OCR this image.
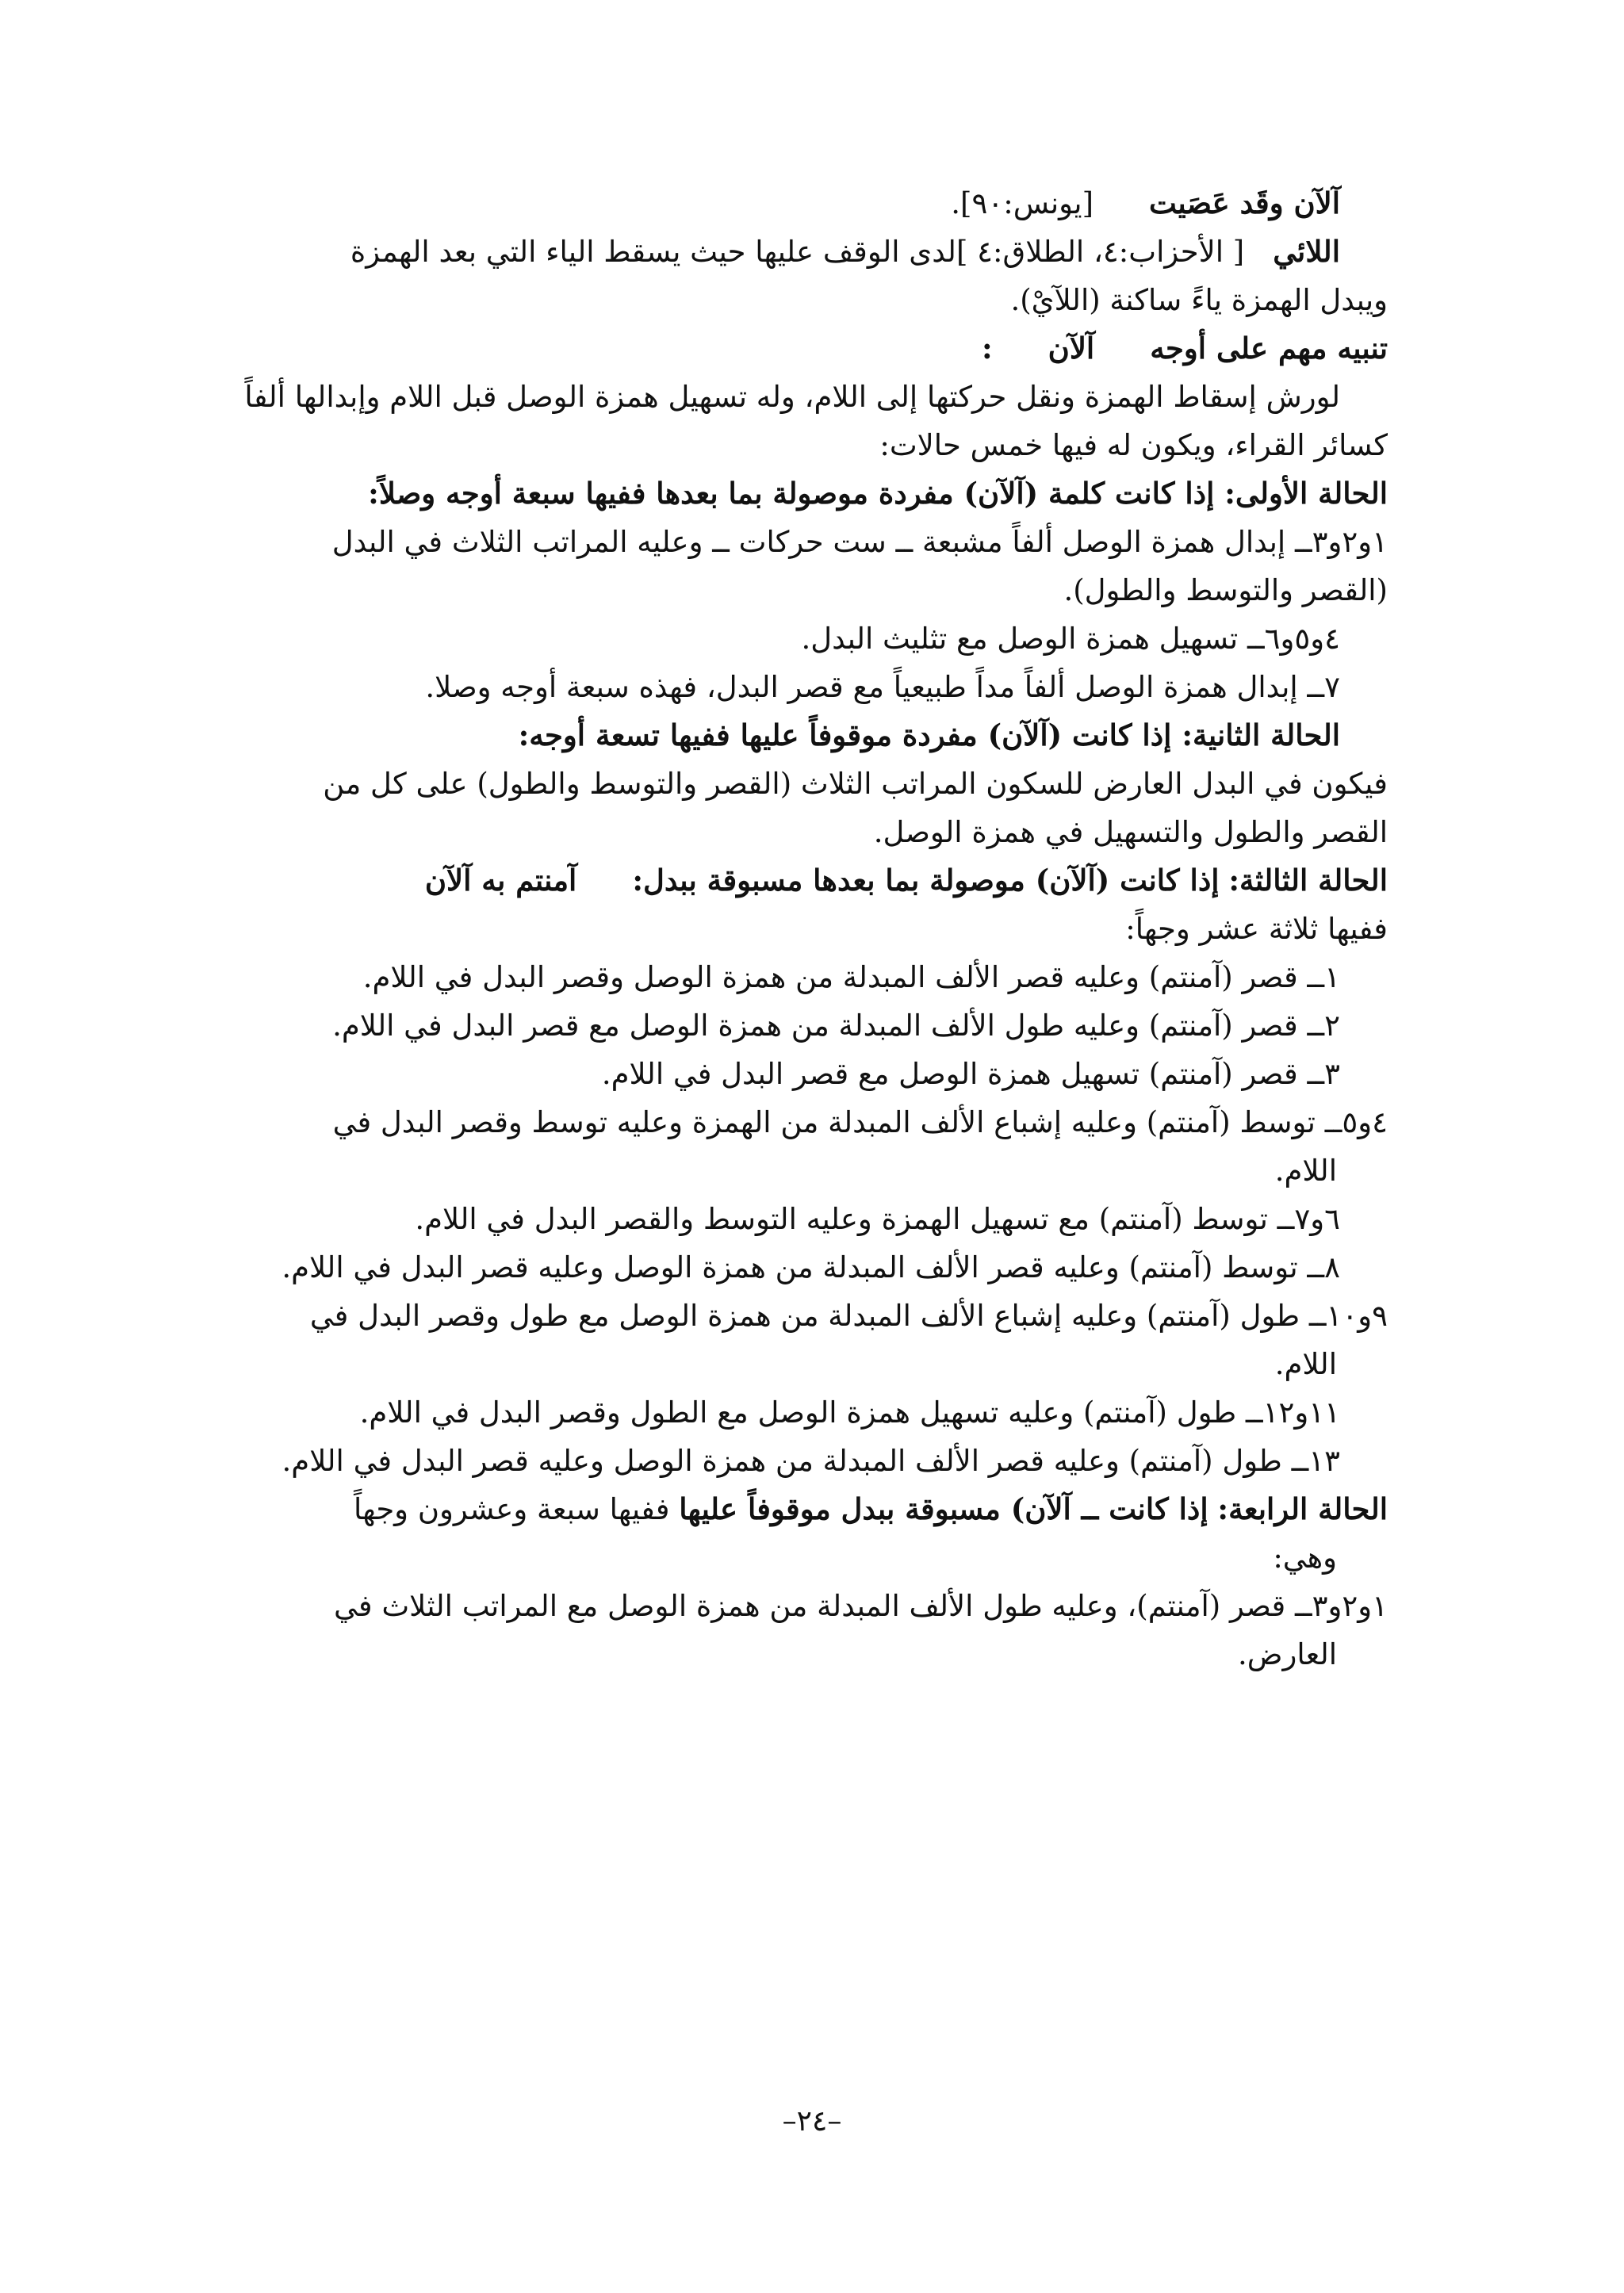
آلآن وقَد عَصَيت[يونس:٩٠].
اللائي[ الأحزاب:٤، الطلاق:٤ ]لدى الوقف عليها حيث يسقط الياء التي بعد الهمزة
ويبدل الهمزة ياءً ساكنة (اللآيْ).
تنبيه مهم على أوجهآلآن:
لورش إسقاط الهمزة ونقل حركتها إلى اللام، وله تسهيل همزة الوصل قبل اللام وإبدالها ألفاً
كسائر القراء، ويكون له فيها خمس حالات:
الحالة الأولى: إذا كانت كلمة (آلآن) مفردة موصولة بما بعدها ففيها سبعة أوجه وصلاً:
١و٢و٣ــ إبدال همزة الوصل ألفاً مشبعة ــ ست حركات ــ وعليه المراتب الثلاث في البدل
(القصر والتوسط والطول).
٤و٥و٦ــ تسهيل همزة الوصل مع تثليث البدل.
٧ــ إبدال همزة الوصل ألفاً مداً طبيعياً مع قصر البدل، فهذه سبعة أوجه وصلا.
الحالة الثانية: إذا كانت (آلآن) مفردة موقوفاً عليها ففيها تسعة أوجه:
فيكون في البدل العارض للسكون المراتب الثلاث (القصر والتوسط والطول) على كل من
القصر والطول والتسهيل في همزة الوصل.
الحالة الثالثة: إذا كانت (آلآن) موصولة بما بعدها مسبوقة ببدل:آمنتم به آلآن
ففيها ثلاثة عشر وجهاً:
١ــ قصر (آمنتم) وعليه قصر الألف المبدلة من همزة الوصل وقصر البدل في اللام.
٢ــ قصر (آمنتم) وعليه طول الألف المبدلة من همزة الوصل مع قصر البدل في اللام.
٣ــ قصر (آمنتم) تسهيل همزة الوصل مع قصر البدل في اللام.
٤و٥ــ توسط (آمنتم) وعليه إشباع الألف المبدلة من الهمزة وعليه توسط وقصر البدل في
اللام.
٦و٧ــ توسط (آمنتم) مع تسهيل الهمزة وعليه التوسط والقصر البدل في اللام.
٨ــ توسط (آمنتم) وعليه قصر الألف المبدلة من همزة الوصل وعليه قصر البدل في اللام.
٩و١٠ــ طول (آمنتم) وعليه إشباع الألف المبدلة من همزة الوصل مع طول وقصر البدل في
اللام.
١١و١٢ــ طول (آمنتم) وعليه تسهيل همزة الوصل مع الطول وقصر البدل في اللام.
١٣ــ طول (آمنتم) وعليه قصر الألف المبدلة من همزة الوصل وعليه قصر البدل في اللام.
الحالة الرابعة: إذا كانت ــ آلآن) مسبوقة ببدل موقوفاً عليها ففيها سبعة وعشرون وجهاً
وهي:
١و٢و٣ــ قصر (آمنتم)، وعليه طول الألف المبدلة من همزة الوصل مع المراتب الثلاث في
العارض.
–٢٤–
